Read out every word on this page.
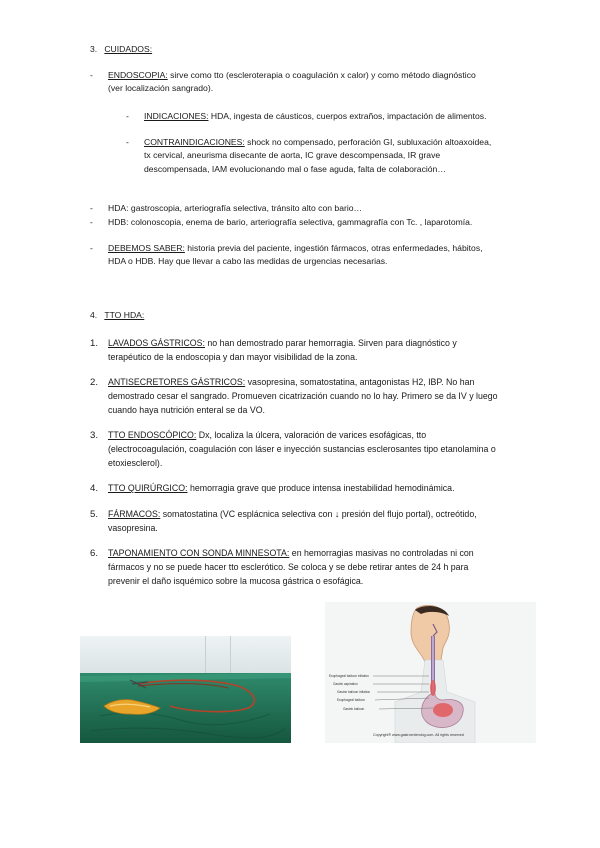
3. CUIDADOS:
- ENDOSCOPIA: sirve como tto (escleroterapia o coagulación x calor) y como método diagnóstico
(ver localización sangrado).
- INDICACIONES: HDA, ingesta de cáusticos, cuerpos extraños, impactación de alimentos.
- CONTRAINDICACIONES: shock no compensado, perforación GI, subluxación altoaxoidea,
tx cervical, aneurisma disecante de aorta, IC grave descompensada, IR grave
descompensada, IAM evolucionando mal o fase aguda, falta de colaboración…
- HDA: gastroscopia, arteriografía selectiva, tránsito alto con bario…
- HDB: colonoscopia, enema de bario, arteriografía selectiva, gammagrafía con Tc. , laparotomía.
- DEBEMOS SABER: historia previa del paciente, ingestión fármacos, otras enfermedades, hábitos,
HDA o HDB. Hay que llevar a cabo las medidas de urgencias necesarias.
4. TTO HDA:
1. LAVADOS GÁSTRICOS: no han demostrado parar hemorragia. Sirven para diagnóstico y
terapéutico de la endoscopia y dan mayor visibilidad de la zona.
2. ANTISECRETORES GÁSTRICOS: vasopresina, somatostatina, antagonistas H2, IBP. No han
demostrado cesar el sangrado. Promueven cicatrización cuando no lo hay. Primero se da IV y luego
cuando haya nutrición enteral se da VO.
3. TTO ENDOSCÓPICO: Dx, localiza la úlcera, valoración de varices esofágicas, tto
(electrocoagulación, coagulación con láser e inyección sustancias esclerosantes tipo etanolamina o
etoxiesclerol).
4. TTO QUIRÚRGICO: hemorragia grave que produce intensa inestabilidad hemodinámica.
5. FÁRMACOS: somatostatina (VC esplácnica selectiva con ↓ presión del flujo portal), octreótido,
vasopresina.
6. TAPONAMIENTO CON SONDA MINNESOTA: en hemorragias masivas no controladas ni con
fármacos y no se puede hacer tto esclerótico. Se coloca y se debe retirar antes de 24 h para
prevenir el daño isquémico sobre la mucosa gástrica o esofágica.
Esophageal balloon inflation
Gastric aspiration
Gastric balloon inflation
Esophageal balloon
Gastric balloon
Copyright® www.gastroenterolog.com. All rights reserved
